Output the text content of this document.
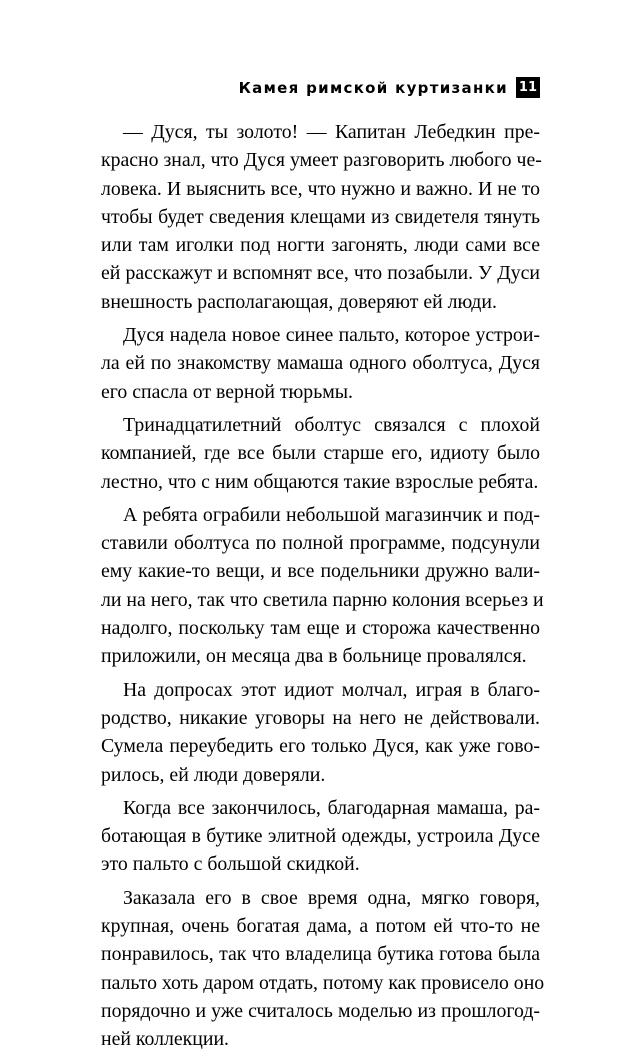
Камея римской куртизанки 11

— Дуся, ты золото! — Капитан Лебедкин пре-
красно знал, что Дуся умеет разговорить любого че-
ловека. И выяснить все, что нужно и важно. И не то
чтобы будет сведения клещами из свидетеля тянуть
или там иголки под ногти загонять, люди сами все
ей расскажут и вспомнят все, что позабыли. У Дуси
внешность располагающая, доверяют ей люди.

Дуся надела новое синее пальто, которое устрои-
ла ей по знакомству мамаша одного оболтуса, Дуся
его спасла от верной тюрьмы.

Тринадцатилетний оболтус связался с плохой
компанией, где все были старше его, идиоту было
лестно, что с ним общаются такие взрослые ребята.

А ребята ограбили небольшой магазинчик и под-
ставили оболтуса по полной программе, подсунули
ему какие-то вещи, и все подельники дружно вали-
ли на него, так что светила парню колония всерьез и
надолго, поскольку там еще и сторожа качественно
приложили, он месяца два в больнице провалялся.

На допросах этот идиот молчал, играя в благо-
родство, никакие уговоры на него не действовали.
Сумела переубедить его только Дуся, как уже гово-
рилось, ей люди доверяли.

Когда все закончилось, благодарная мамаша, ра-
ботающая в бутике элитной одежды, устроила Дусе
это пальто с большой скидкой.

Заказала его в свое время одна, мягко говоря,
крупная, очень богатая дама, а потом ей что-то не
понравилось, так что владелица бутика готова была
пальто хоть даром отдать, потому как провисело оно
порядочно и уже считалось моделью из прошлогод-
ней коллекции.
